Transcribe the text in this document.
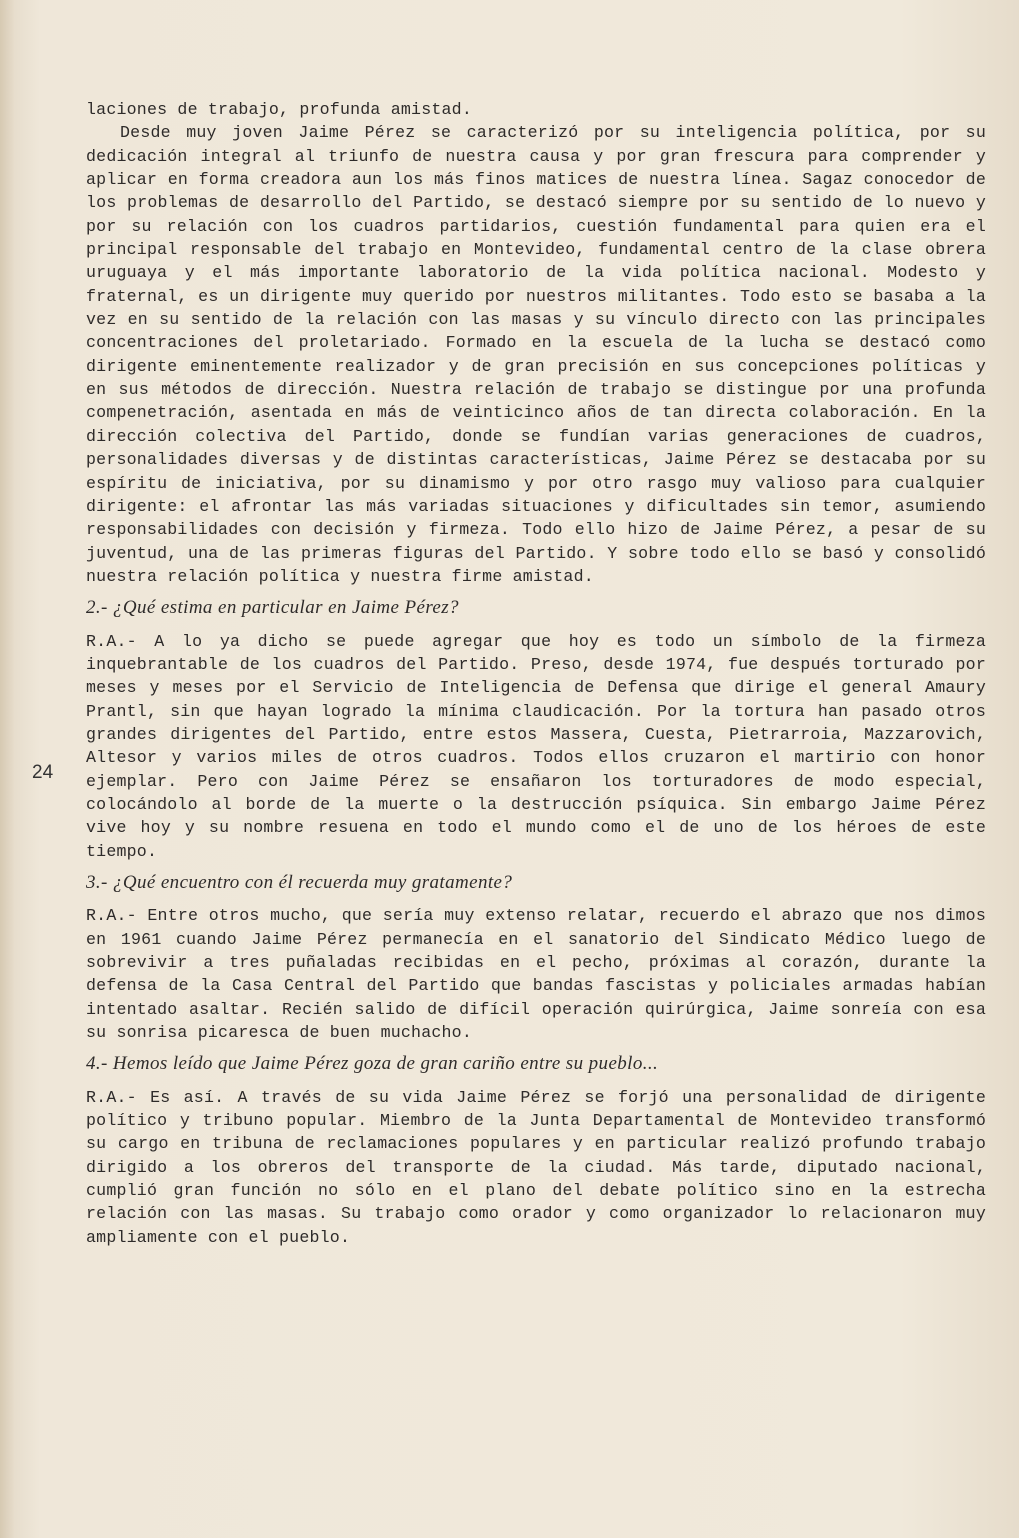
24

laciones de trabajo, profunda amistad.

Desde muy joven Jaime Pérez se caracterizó por su inteligencia política, por su dedicación integral al triunfo de nuestra causa y por gran frescura para comprender y aplicar en forma creadora aun los más finos matices de nuestra línea. Sagaz conocedor de los problemas de desarrollo del Partido, se destacó siempre por su sentido de lo nuevo y por su relación con los cuadros partidarios, cuestión fundamental para quien era el principal responsable del trabajo en Montevideo, fundamental centro de la clase obrera uruguaya y el más importante laboratorio de la vida política nacional. Modesto y fraternal, es un dirigente muy querido por nuestros militantes. Todo esto se basaba a la vez en su sentido de la relación con las masas y su vínculo directo con las principales concentraciones del proletariado. Formado en la escuela de la lucha se destacó como dirigente eminentemente realizador y de gran precisión en sus concepciones políticas y en sus métodos de dirección. Nuestra relación de trabajo se distingue por una profunda compenetración, asentada en más de veinticinco años de tan directa colaboración. En la dirección colectiva del Partido, donde se fundían varias generaciones de cuadros, personalidades diversas y de distintas características, Jaime Pérez se destacaba por su espíritu de iniciativa, por su dinamismo y por otro rasgo muy valioso para cualquier dirigente: el afrontar las más variadas situaciones y dificultades sin temor, asumiendo responsabilidades con decisión y firmeza. Todo ello hizo de Jaime Pérez, a pesar de su juventud, una de las primeras figuras del Partido. Y sobre todo ello se basó y consolidó nuestra relación política y nuestra firme amistad.

2.- ¿Qué estima en particular en Jaime Pérez?

R.A.- A lo ya dicho se puede agregar que hoy es todo un símbolo de la firmeza inquebrantable de los cuadros del Partido. Preso, desde 1974, fue después torturado por meses y meses por el Servicio de Inteligencia de Defensa que dirige el general Amaury Prantl, sin que hayan logrado la mínima claudicación. Por la tortura han pasado otros grandes dirigentes del Partido, entre estos Massera, Cuesta, Pietrarroia, Mazzarovich, Altesor y varios miles de otros cuadros. Todos ellos cruzaron el martirio con honor ejemplar. Pero con Jaime Pérez se ensañaron los torturadores de modo especial, colocándolo al borde de la muerte o la destrucción psíquica. Sin embargo Jaime Pérez vive hoy y su nombre resuena en todo el mundo como el de uno de los héroes de este tiempo.

3.- ¿Qué encuentro con él recuerda muy gratamente?

R.A.- Entre otros mucho, que sería muy extenso relatar, recuerdo el abrazo que nos dimos en 1961 cuando Jaime Pérez permanecía en el sanatorio del Sindicato Médico luego de sobrevivir a tres puñaladas recibidas en el pecho, próximas al corazón, durante la defensa de la Casa Central del Partido que bandas fascistas y policiales armadas habían intentado asaltar. Recién salido de difícil operación quirúrgica, Jaime sonreía con esa su sonrisa picaresca de buen muchacho.

4.- Hemos leído que Jaime Pérez goza de gran cariño entre su pueblo...

R.A.- Es así. A través de su vida Jaime Pérez se forjó una personalidad de dirigente político y tribuno popular. Miembro de la Junta Departamental de Montevideo transformó su cargo en tribuna de reclamaciones populares y en particular realizó profundo trabajo dirigido a los obreros del transporte de la ciudad. Más tarde, diputado nacional, cumplió gran función no sólo en el plano del debate político sino en la estrecha relación con las masas. Su trabajo como orador y como organizador lo relacionaron muy ampliamente con el pueblo.
